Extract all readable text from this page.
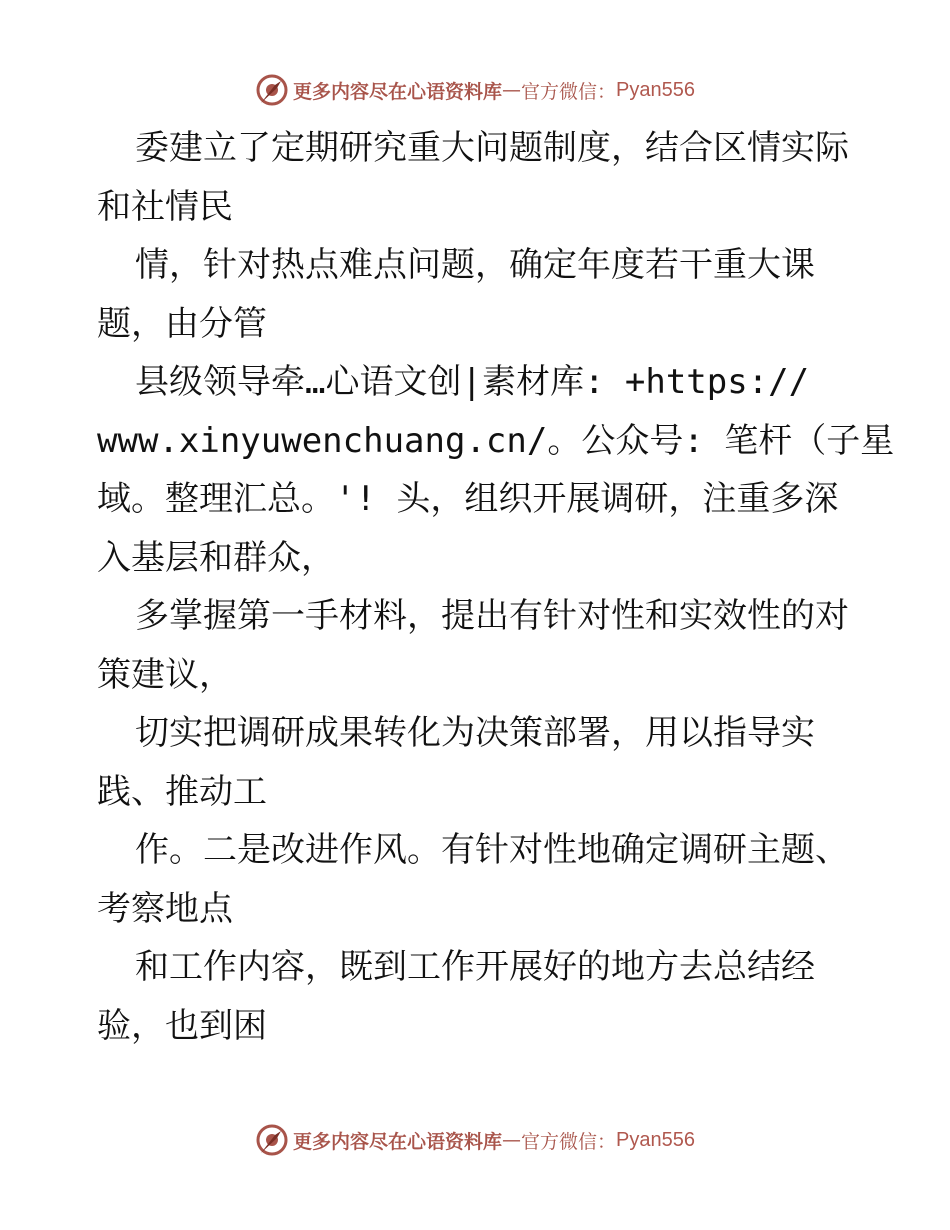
更多内容尽在心语资料库 — 官方微信： Pyan556
委建立了定期研究重大问题制度，结合区情实际
和社情民
情，针对热点难点问题，确定年度若干重大课
题，由分管
县级领导牵…心语文创|素材库: +https://
www.xinyuwenchuang.cn/。公众号: 笔杆（子星
域。整理汇总。'! 头，组织开展调研，注重多深
入基层和群众，
多掌握第一手材料，提出有针对性和实效性的对
策建议，
切实把调研成果转化为决策部署，用以指导实
践、推动工
作。二是改进作风。有针对性地确定调研主题、
考察地点
和工作内容，既到工作开展好的地方去总结经
验，也到困
更多内容尽在心语资料库 — 官方微信： Pyan556
